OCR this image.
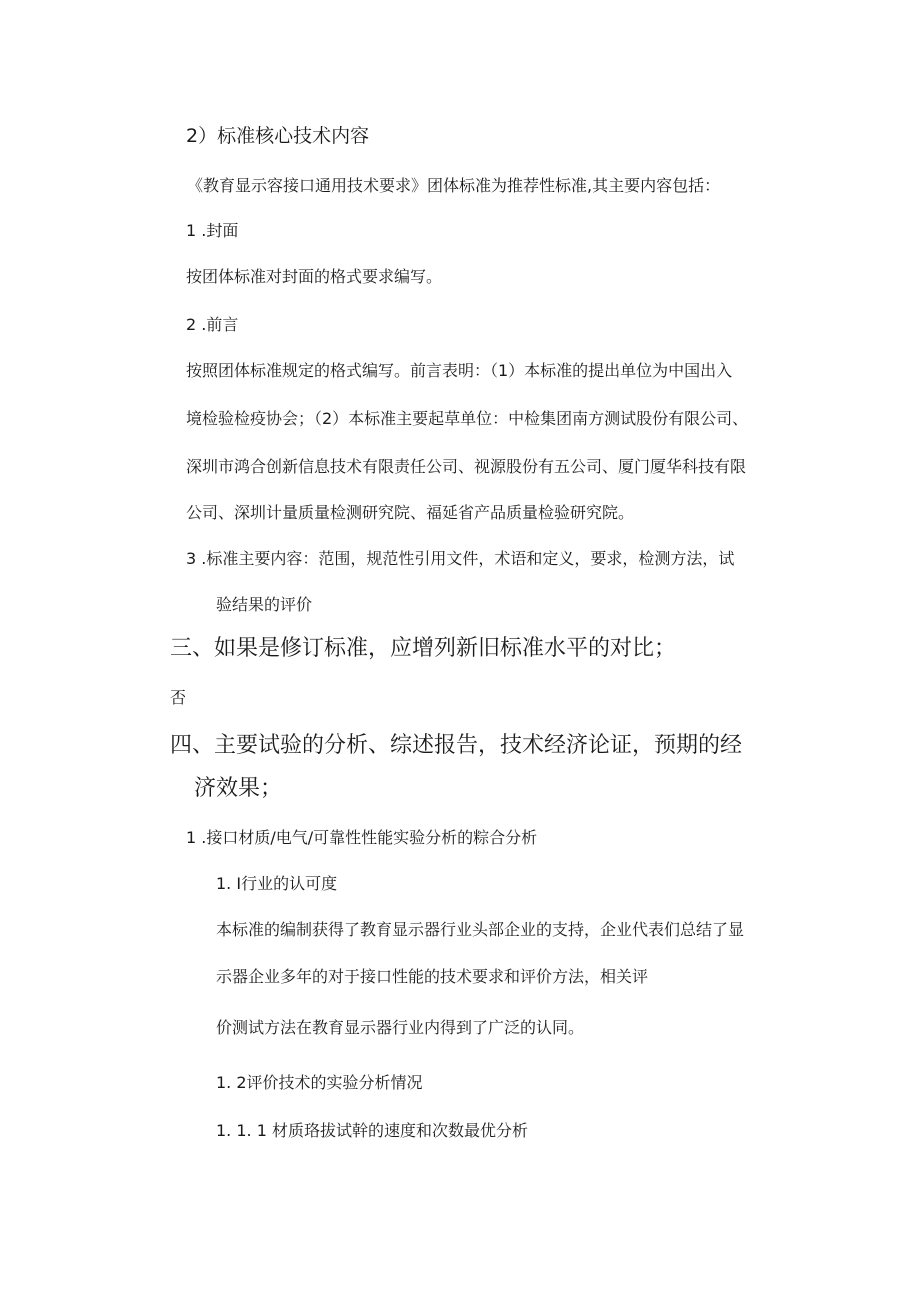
2）标准核心技术内容
《教育显示容接口通用技术要求》团体标准为推荐性标准,其主要内容包括：
1 .封面
按团体标准对封面的格式要求编写。
2 .前言
按照团体标准规定的格式编写。前言表明：（1）本标准的提出单位为中国出入
境检验检疫协会；（2）本标准主要起草单位：中检集团南方测试股份有限公司、
深圳市鸿合创新信息技术有限责任公司、视源股份有五公司、厦门厦华科技有限
公司、深圳计量质量检测研究院、福延省产品质量检验研究院。
3 .标准主要内容：范围，规范性引用文件，术语和定义，要求，检测方法，试
验结果的评价
三、如果是修订标准，应增列新旧标准水平的对比；
否
四、主要试验的分析、综述报告，技术经济论证，预期的经
济效果；
1 .接口材质/电气/可靠性性能实验分析的粽合分析
1. I行业的认可度
本标准的编制获得了教育显示器行业头部企业的支持，企业代表们总结了显
示器企业多年的对于接口性能的技术要求和评价方法，相关评
价测试方法在教育显示器行业内得到了广泛的认同。
1. 2评价技术的实验分析情况
1. 1. 1 材质珞拔试幹的速度和次数最优分析
